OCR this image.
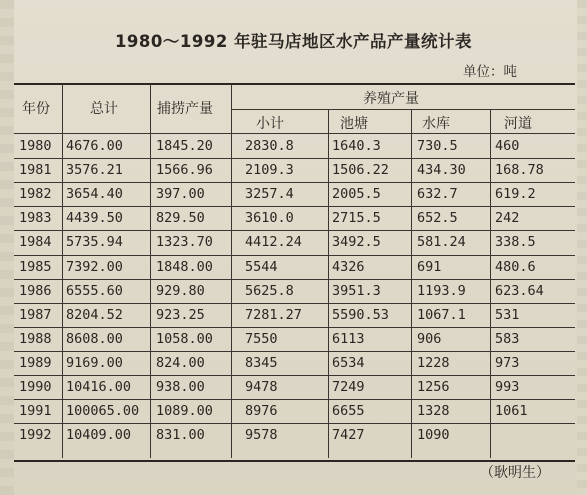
1980～1992 年驻马店地区水产品产量统计表
单位：吨
年份	总计	捕捞产量
养殖产量
小计	池塘	水库	河道
1980 4676.00 1845.20 2830.8	1640.3	730.5	460
1981 3576.21 1566.96 2109.3	1506.22 434.30 168.78
1982 3654.40 397.00	3257.4	2005.5	632.7	619.2
1983 4439.50 829.50	3610.0	2715.5	652.5	242
1984 5735.94 1323.70 4412.24 3492.5	581.24 338.5
1985 7392.00 1848.00 5544	4326	691	480.6
1986 6555.60 929.80	5625.8	3951.3	1193.9 623.64
1987 8204.52 923.25	7281.27 5590.53 1067.1 531
1988 8608.00 1058.00 7550	6113	906	583
1989 9169.00 824.00	8345	6534	1228	973
1990 10416.00 938.00	9478	7249	1256	993
1991 100065.00 1089.00 8976	6655	1328	1061
1992 10409.00 831.00	9578	7427	1090
（耿明生）
